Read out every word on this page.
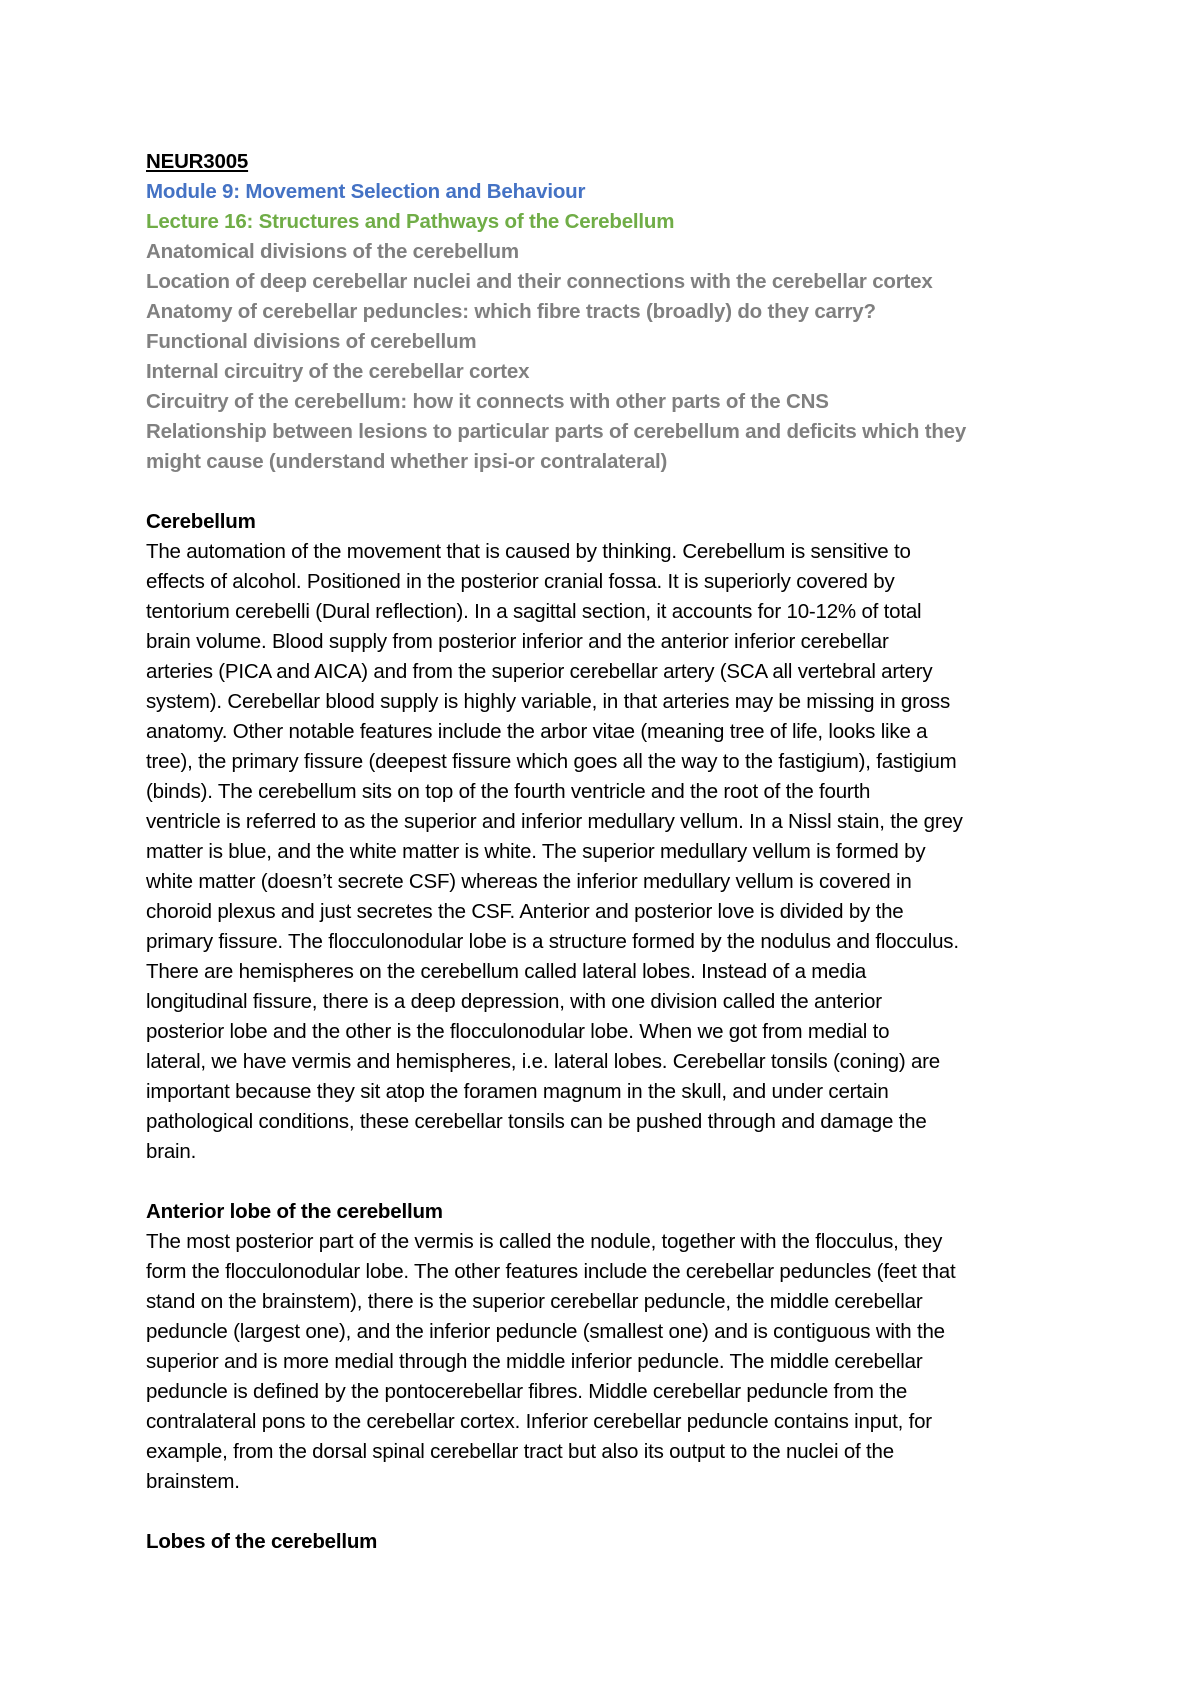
NEUR3005
Module 9: Movement Selection and Behaviour
Lecture 16: Structures and Pathways of the Cerebellum
Anatomical divisions of the cerebellum
Location of deep cerebellar nuclei and their connections with the cerebellar cortex
Anatomy of cerebellar peduncles: which fibre tracts (broadly) do they carry?
Functional divisions of cerebellum
Internal circuitry of the cerebellar cortex
Circuitry of the cerebellum: how it connects with other parts of the CNS
Relationship between lesions to particular parts of cerebellum and deficits which they
might cause (understand whether ipsi-or contralateral)
Cerebellum
The automation of the movement that is caused by thinking. Cerebellum is sensitive to
effects of alcohol. Positioned in the posterior cranial fossa. It is superiorly covered by
tentorium cerebelli (Dural reflection). In a sagittal section, it accounts for 10-12% of total
brain volume. Blood supply from posterior inferior and the anterior inferior cerebellar
arteries (PICA and AICA) and from the superior cerebellar artery (SCA all vertebral artery
system). Cerebellar blood supply is highly variable, in that arteries may be missing in gross
anatomy. Other notable features include the arbor vitae (meaning tree of life, looks like a
tree), the primary fissure (deepest fissure which goes all the way to the fastigium), fastigium
(binds). The cerebellum sits on top of the fourth ventricle and the root of the fourth
ventricle is referred to as the superior and inferior medullary vellum. In a Nissl stain, the grey
matter is blue, and the white matter is white. The superior medullary vellum is formed by
white matter (doesn’t secrete CSF) whereas the inferior medullary vellum is covered in
choroid plexus and just secretes the CSF. Anterior and posterior love is divided by the
primary fissure. The flocculonodular lobe is a structure formed by the nodulus and flocculus.
There are hemispheres on the cerebellum called lateral lobes. Instead of a media
longitudinal fissure, there is a deep depression, with one division called the anterior
posterior lobe and the other is the flocculonodular lobe. When we got from medial to
lateral, we have vermis and hemispheres, i.e. lateral lobes. Cerebellar tonsils (coning) are
important because they sit atop the foramen magnum in the skull, and under certain
pathological conditions, these cerebellar tonsils can be pushed through and damage the
brain.
Anterior lobe of the cerebellum
The most posterior part of the vermis is called the nodule, together with the flocculus, they
form the flocculonodular lobe. The other features include the cerebellar peduncles (feet that
stand on the brainstem), there is the superior cerebellar peduncle, the middle cerebellar
peduncle (largest one), and the inferior peduncle (smallest one) and is contiguous with the
superior and is more medial through the middle inferior peduncle. The middle cerebellar
peduncle is defined by the pontocerebellar fibres. Middle cerebellar peduncle from the
contralateral pons to the cerebellar cortex. Inferior cerebellar peduncle contains input, for
example, from the dorsal spinal cerebellar tract but also its output to the nuclei of the
brainstem.
Lobes of the cerebellum
